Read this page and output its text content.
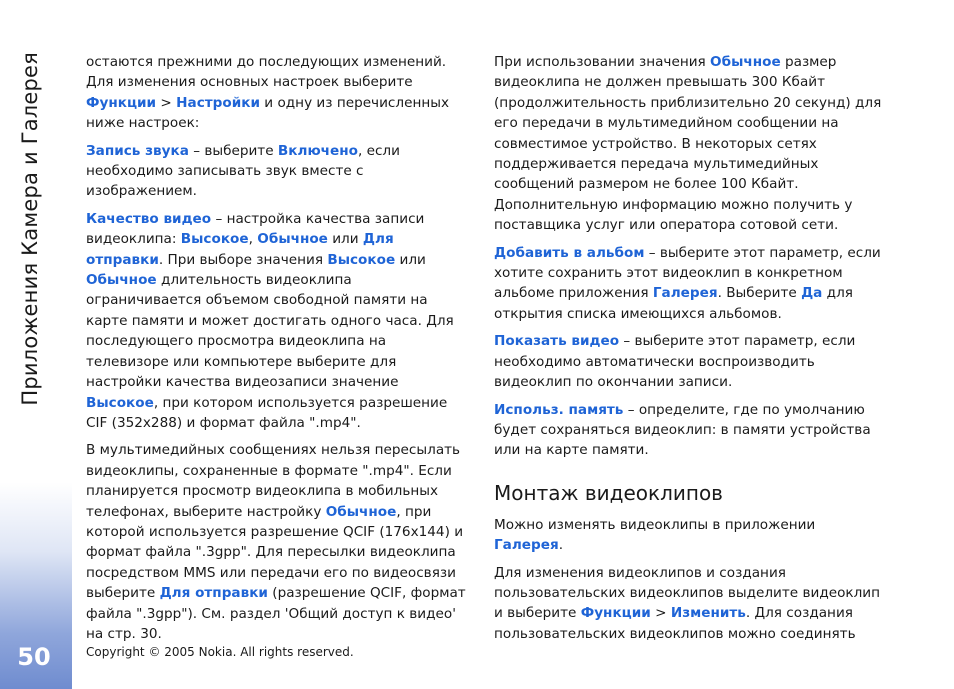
Приложения Камера и Галерея
50

остаются прежними до последующих изменений. Для изменения основных настроек выберите Функции > Настройки и одну из перечисленных ниже настроек:

Запись звука – выберите Включено, если необходимо записывать звук вместе с изображением.

Качество видео – настройка качества записи видеоклипа: Высокое, Обычное или Для отправки. При выборе значения Высокое или Обычное длительность видеоклипа ограничивается объемом свободной памяти на карте памяти и может достигать одного часа. Для последующего просмотра видеоклипа на телевизоре или компьютере выберите для настройки качества видеозаписи значение Высокое, при котором используется разрешение CIF (352x288) и формат файла ".mp4".

В мультимедийных сообщениях нельзя пересылать видеоклипы, сохраненные в формате ".mp4". Если планируется просмотр видеоклипа в мобильных телефонах, выберите настройку Обычное, при которой используется разрешение QCIF (176x144) и формат файла ".3gpp". Для пересылки видеоклипа посредством MMS или передачи его по видеосвязи выберите Для отправки (разрешение QCIF, формат файла ".3gpp"). См. раздел 'Общий доступ к видео' на стр. 30.

При использовании значения Обычное размер видеоклипа не должен превышать 300 Кбайт (продолжительность приблизительно 20 секунд) для его передачи в мультимедийном сообщении на совместимое устройство. В некоторых сетях поддерживается передача мультимедийных сообщений размером не более 100 Кбайт. Дополнительную информацию можно получить у поставщика услуг или оператора сотовой сети.

Добавить в альбом – выберите этот параметр, если хотите сохранить этот видеоклип в конкретном альбоме приложения Галерея. Выберите Да для открытия списка имеющихся альбомов.

Показать видео – выберите этот параметр, если необходимо автоматически воспроизводить видеоклип по окончании записи.

Использ. память – определите, где по умолчанию будет сохраняться видеоклип: в памяти устройства или на карте памяти.

Монтаж видеоклипов

Можно изменять видеоклипы в приложении Галерея.

Для изменения видеоклипов и создания пользовательских видеоклипов выделите видеоклип и выберите Функции > Изменить. Для создания пользовательских видеоклипов можно соединять

Copyright © 2005 Nokia. All rights reserved.
